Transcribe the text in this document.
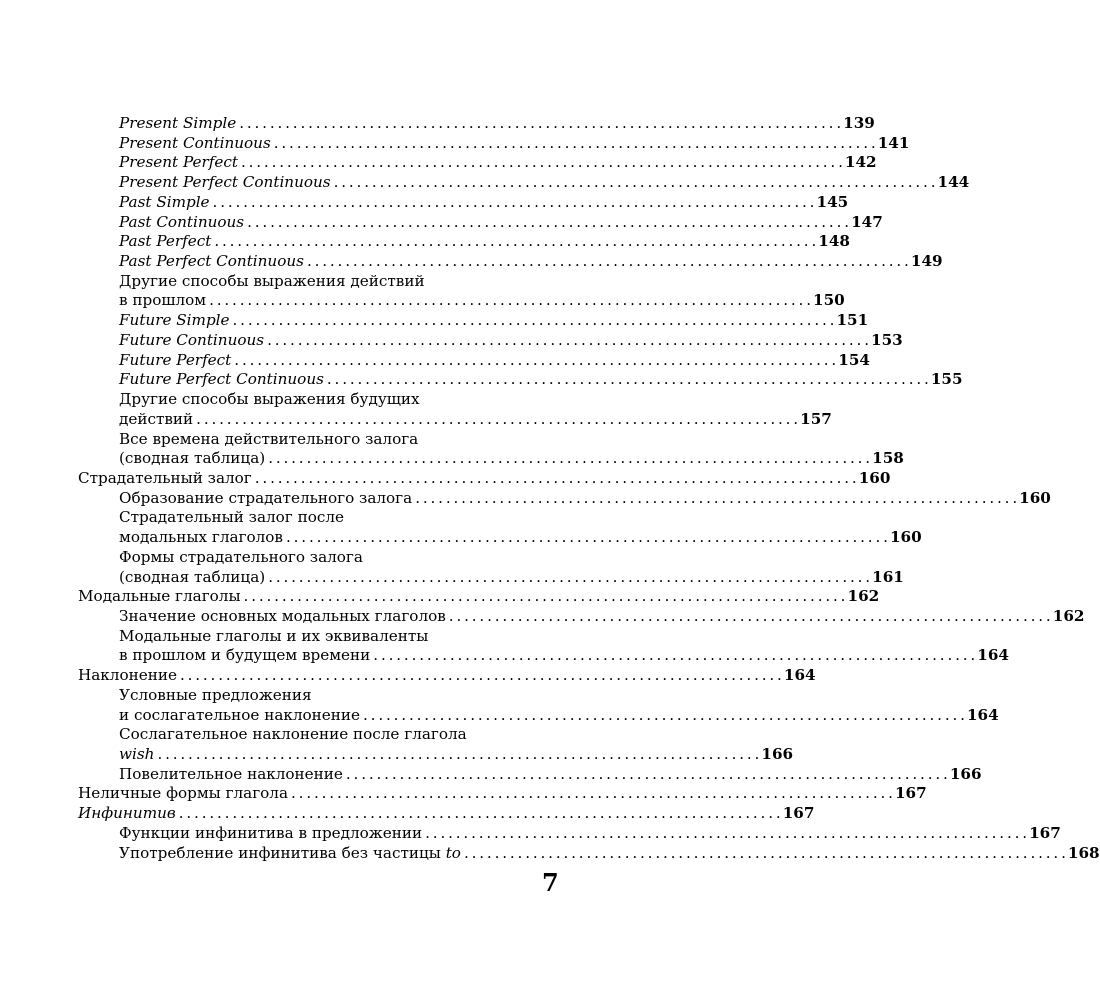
Present Simple . . .	139
Present Continuous . . .	141
Present Perfect . . .	142
Present Perfect Continuous . . .	144
Past Simple . . .	145
Past Continuous . . .	147
Past Perfect . . .	148
Past Perfect Continuous . . .	149
Другие способы выражения действий
в прошлом . . .	150
Future Simple . . .	151
Future Continuous . . .	153
Future Perfect . . .	154
Future Perfect Continuous . . .	155
Другие способы выражения будущих
действий . . .	157
Все времена действительного залога
(сводная таблица) . . .	158
Страдательный залог . . .	160
Образование страдательного залога . . .	160
Страдательный залог после
модальных глаголов . . .	160
Формы страдательного залога
(сводная таблица) . . .	161
Модальные глаголы . . .	162
Значение основных модальных глаголов . . .	162
Модальные глаголы и их эквиваленты
в прошлом и будущем времени . . .	164
Наклонение . . .	164
Условные предложения
и сослагательное наклонение . . .	164
Сослагательное наклонение после глагола
wish . . .	166
Повелительное наклонение . . .	166
Неличные формы глагола . . .	167
Инфинитив . . .	167
Функции инфинитива в предложении . . .	167
Употребление инфинитива без частицы to . . .	168
7
